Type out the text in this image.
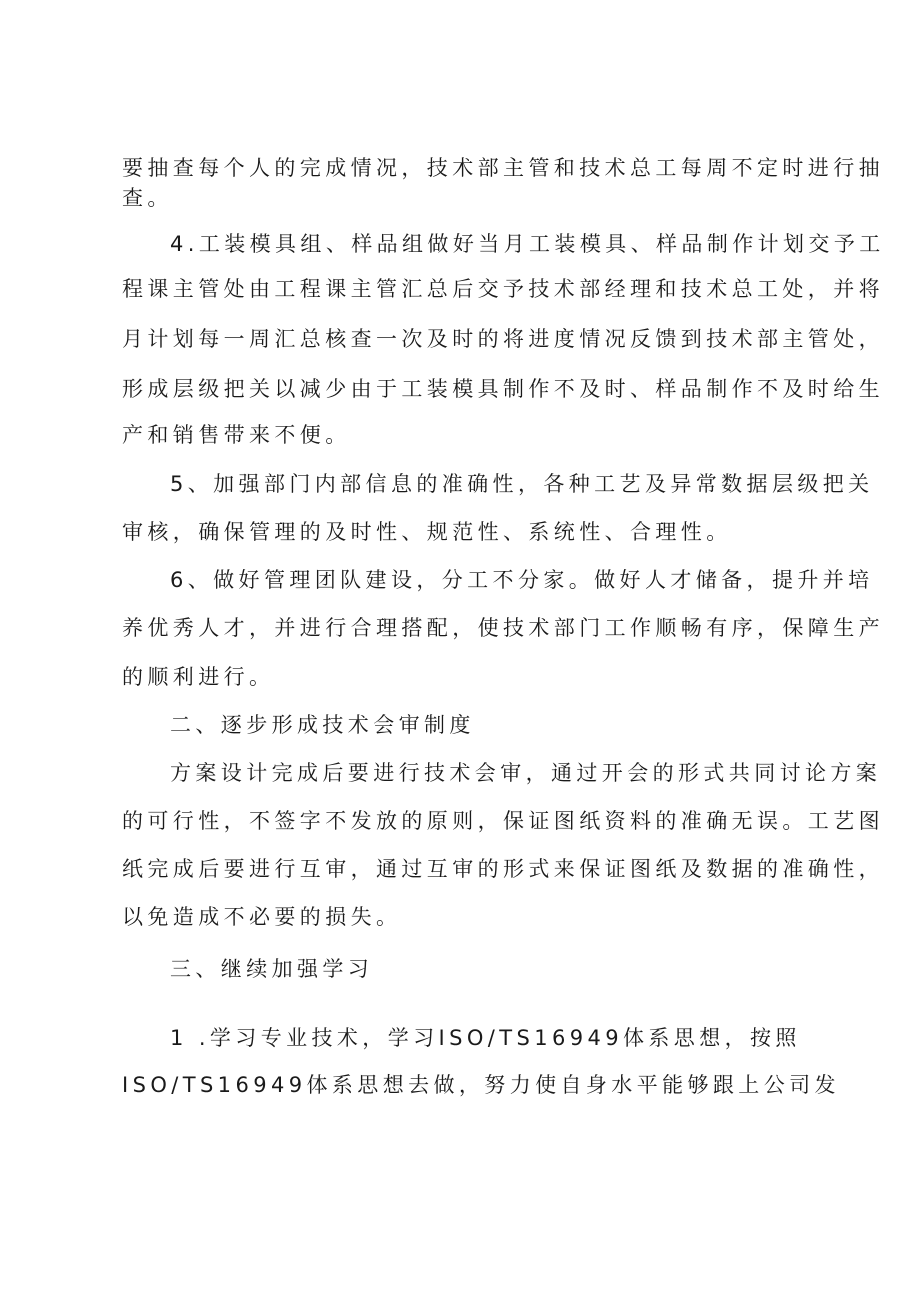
要抽查每个人的完成情况，技术部主管和技术总工每周不定时进行抽
查。
4.工装模具组、样品组做好当月工装模具、样品制作计划交予工
程课主管处由工程课主管汇总后交予技术部经理和技术总工处，并将
月计划每一周汇总核查一次及时的将进度情况反馈到技术部主管处，
形成层级把关以减少由于工装模具制作不及时、样品制作不及时给生
产和销售带来不便。
5、加强部门内部信息的准确性，各种工艺及异常数据层级把关
审核，确保管理的及时性、规范性、系统性、合理性。
6、做好管理团队建设，分工不分家。做好人才储备，提升并培
养优秀人才，并进行合理搭配，使技术部门工作顺畅有序，保障生产
的顺利进行。
二、逐步形成技术会审制度
方案设计完成后要进行技术会审，通过开会的形式共同讨论方案
的可行性，不签字不发放的原则，保证图纸资料的准确无误。工艺图
纸完成后要进行互审，通过互审的形式来保证图纸及数据的准确性，
以免造成不必要的损失。
三、继续加强学习
1 .学习专业技术，学习ISO/TS16949体系思想，按照
ISO/TS16949体系思想去做，努力使自身水平能够跟上公司发
